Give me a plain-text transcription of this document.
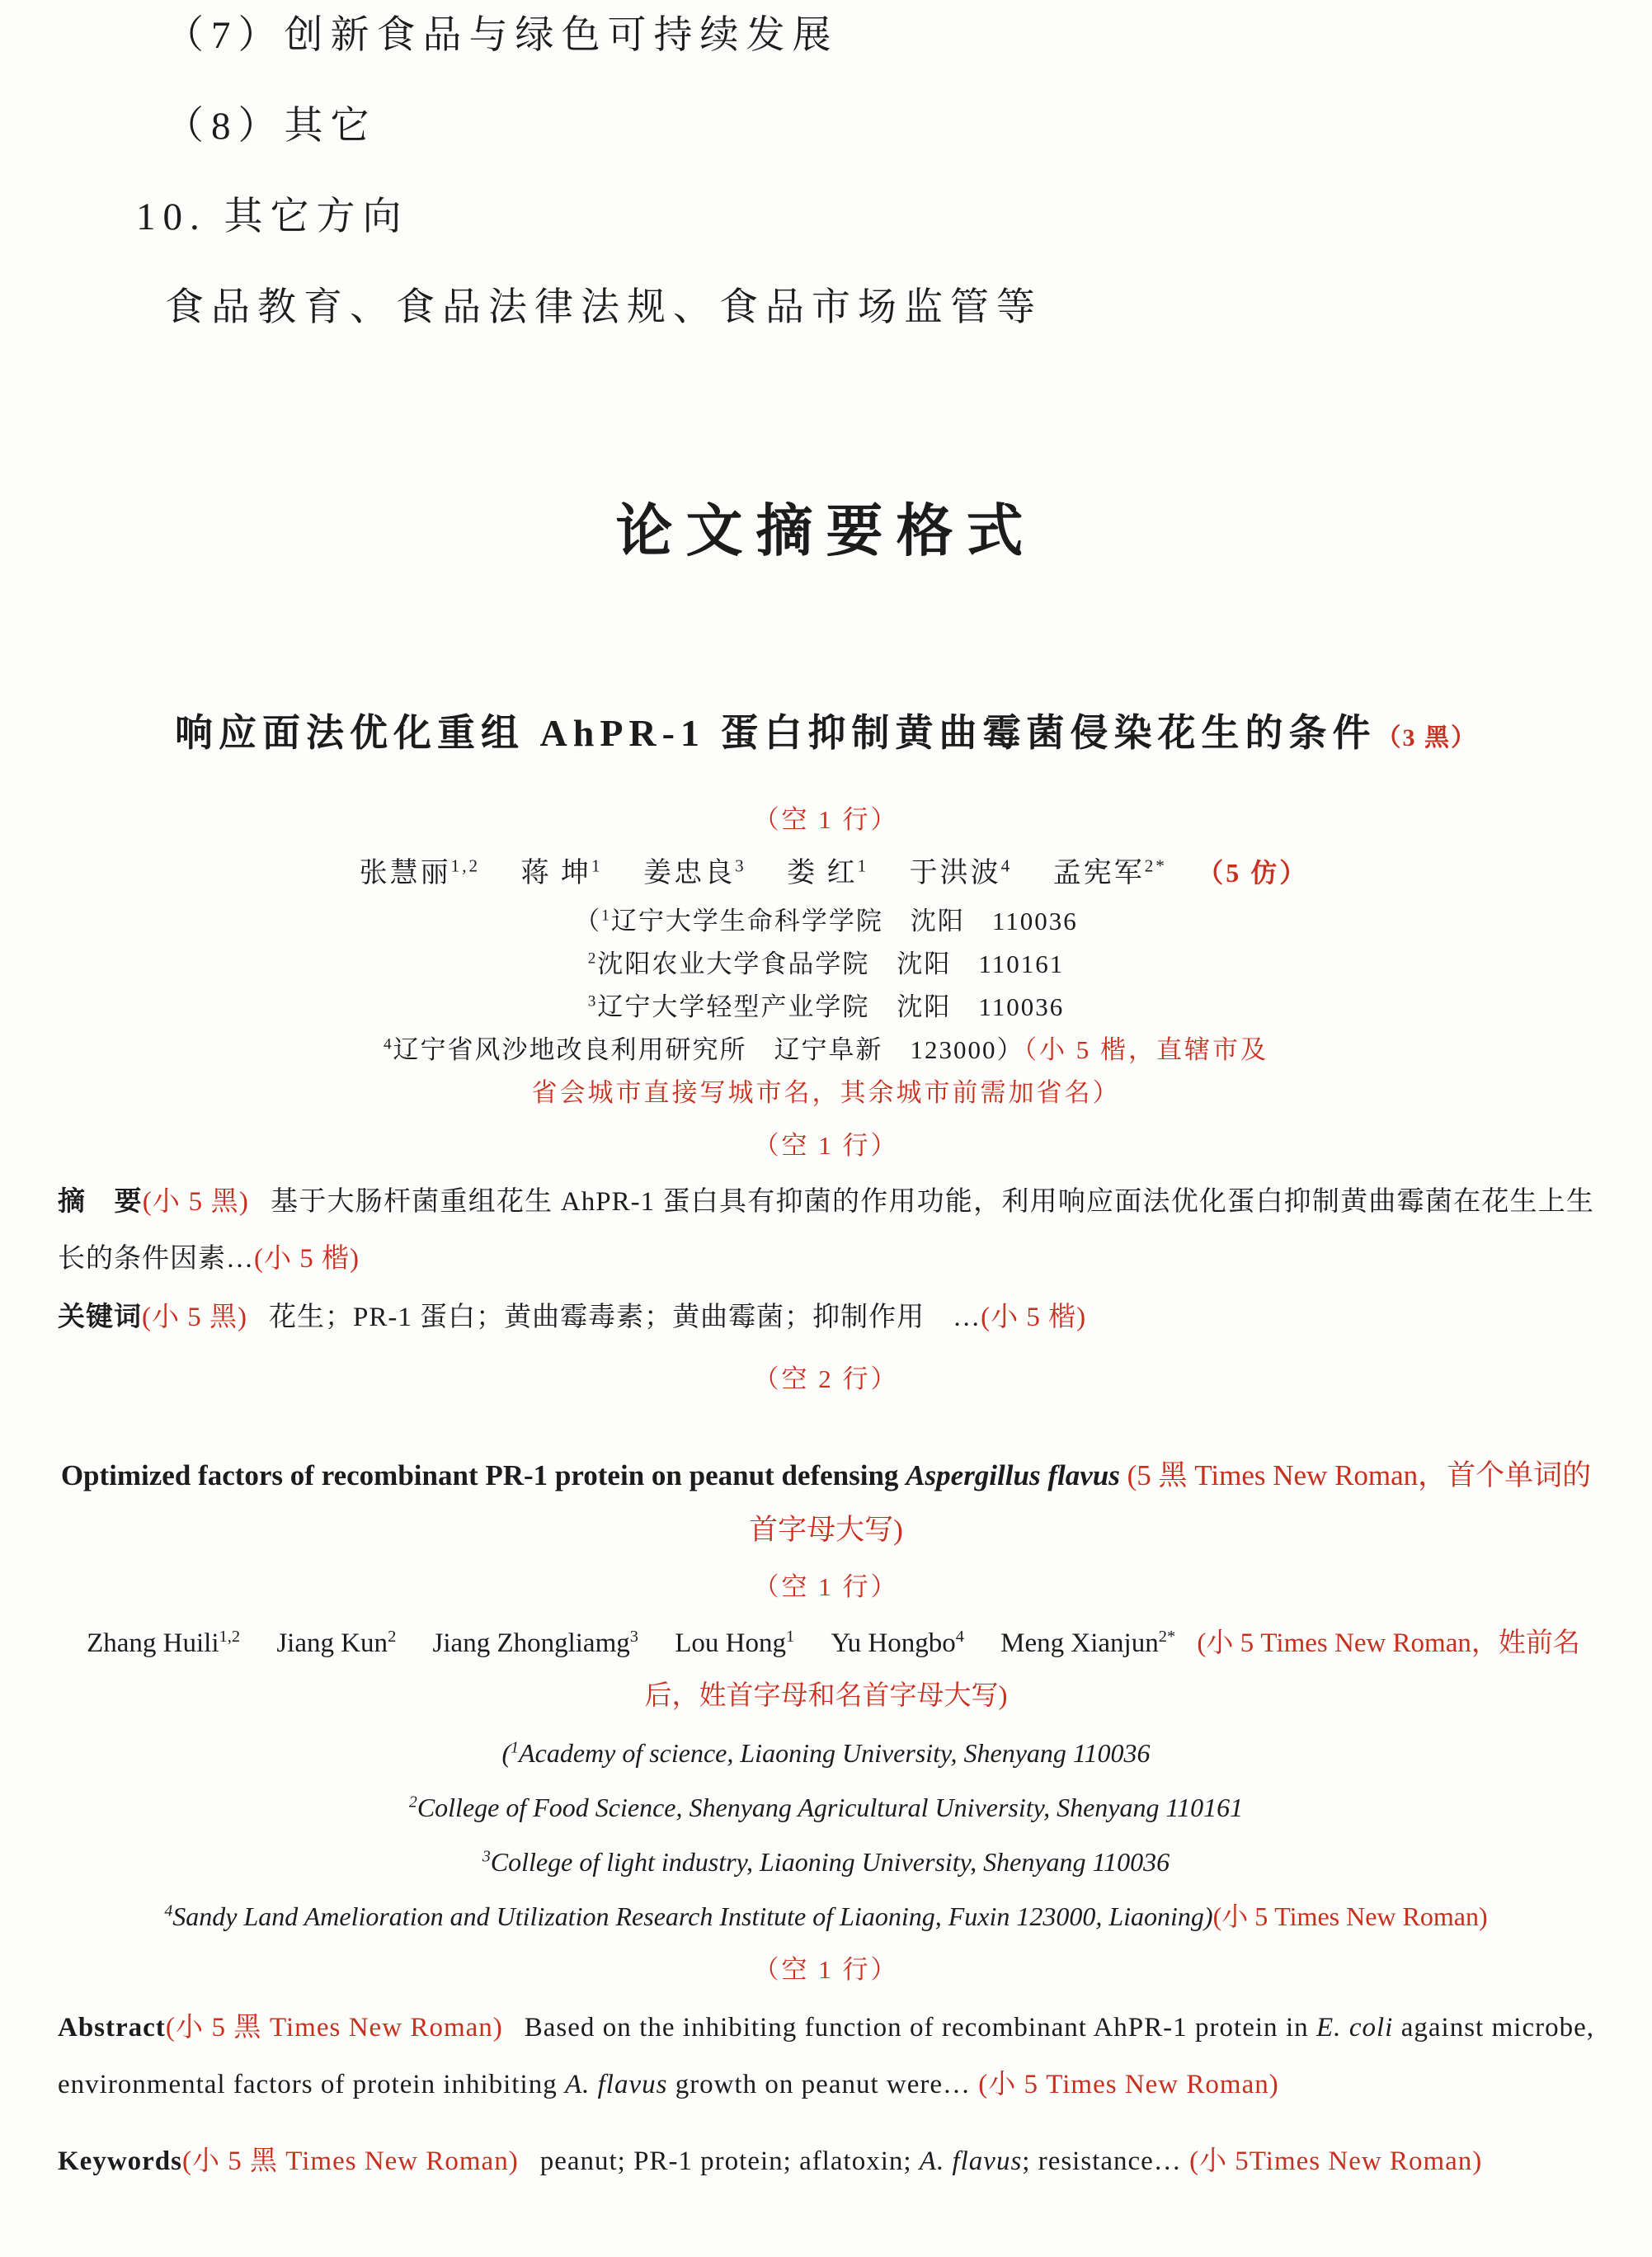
（7）创新食品与绿色可持续发展
（8）其它
10. 其它方向
食品教育、食品法律法规、食品市场监管等
论文摘要格式
响应面法优化重组 AhPR-1 蛋白抑制黄曲霉菌侵染花生的条件（3 黑）
（空 1 行）
张慧丽$^{1,2}$ 蒋 坤$^1$ 姜忠良$^3$ 娄 红$^1$ 于洪波$^4$ 孟宪军$^{2*}$ （5 仿）
（$^1$辽宁大学生命科学学院　沈阳　110036
$^2$沈阳农业大学食品学院　沈阳　110161
$^3$辽宁大学轻型产业学院　沈阳　110036
$^4$辽宁省风沙地改良利用研究所　辽宁阜新　123000）（小 5 楷，直辖市及
省会城市直接写城市名，其余城市前需加省名）
（空 1 行）

摘　要(小 5 黑) 基于大肠杆菌重组花生 AhPR-1 蛋白具有抑菌的作用功能，利用响应面法优化蛋白抑制黄曲霉菌在花生上生长的条件因素…(小 5 楷)

关键词(小 5 黑) 花生；PR-1 蛋白；黄曲霉毒素；黄曲霉菌；抑制作用　…(小 5 楷)

（空 2 行）
Optimized factors of recombinant PR-1 protein on peanut defensing Aspergillus flavus (5 黑 Times New Roman，首个单词的首字母大写)
（空 1 行）
Zhang Huili$^{1,2}$ Jiang Kun$^2$ Jiang Zhongliamg$^3$ Lou Hong$^1$ Yu Hongbo$^4$ Meng Xianjun$^{2*}$ (小 5 Times New Roman，姓前名后，姓首字母和名首字母大写)
($^1$Academy of science, Liaoning University, Shenyang 110036
$^2$College of Food Science, Shenyang Agricultural University, Shenyang 110161
$^3$College of light industry, Liaoning University, Shenyang 110036
$^4$Sandy Land Amelioration and Utilization Research Institute of Liaoning, Fuxin 123000, Liaoning)(小 5 Times New Roman)
（空 1 行）

Abstract(小 5 黑 Times New Roman) Based on the inhibiting function of recombinant AhPR-1 protein in E. coli against microbe, environmental factors of protein inhibiting A. flavus growth on peanut were… (小 5 Times New Roman)

Keywords(小 5 黑 Times New Roman) peanut; PR-1 protein; aflatoxin; A. flavus; resistance… (小 5Times New Roman)
